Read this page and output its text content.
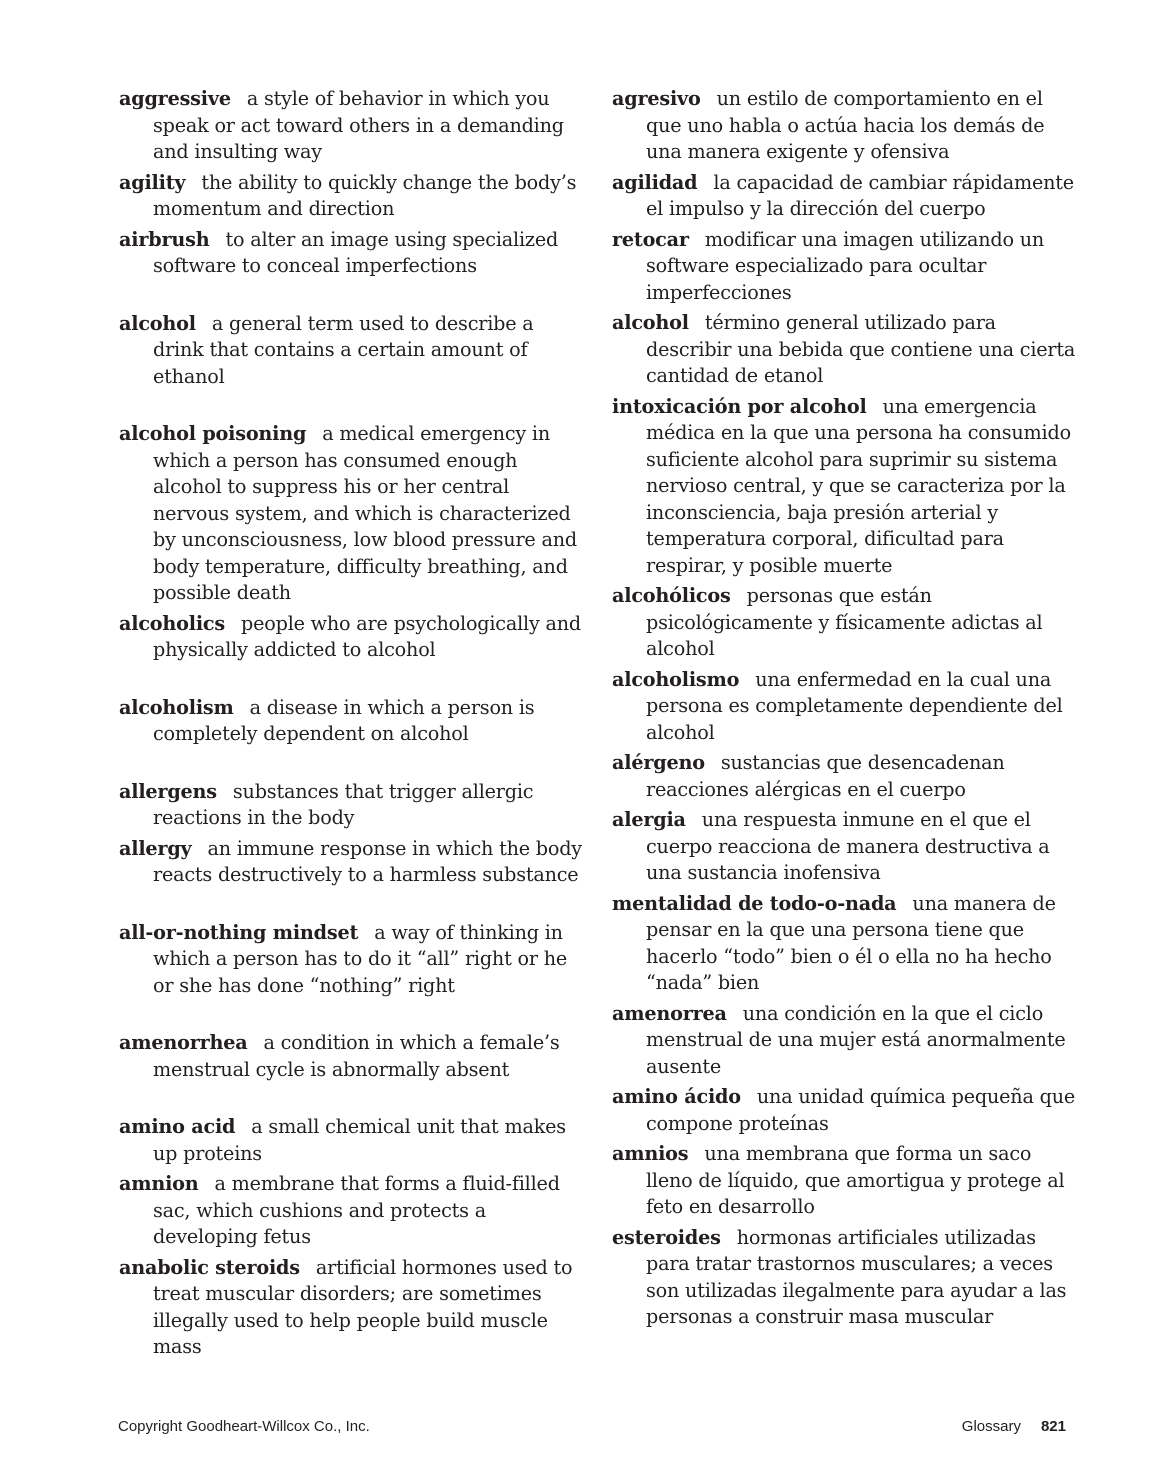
aggressive a style of behavior in which you speak or act toward others in a demanding and insulting way

agility the ability to quickly change the body’s momentum and direction

airbrush to alter an image using specialized software to conceal imperfections

alcohol a general term used to describe a drink that contains a certain amount of ethanol

alcohol poisoning a medical emergency in which a person has consumed enough alcohol to suppress his or her central nervous system, and which is characterized by unconsciousness, low blood pressure and body temperature, difficulty breathing, and possible death

alcoholics people who are psychologically and physically addicted to alcohol

alcoholism a disease in which a person is completely dependent on alcohol

allergens substances that trigger allergic reactions in the body

allergy an immune response in which the body reacts destructively to a harmless substance

all-or-nothing mindset a way of thinking in which a person has to do it “all” right or he or she has done “nothing” right

amenorrhea a condition in which a female’s menstrual cycle is abnormally absent

amino acid a small chemical unit that makes up proteins

amnion a membrane that forms a fluid-filled sac, which cushions and protects a developing fetus

anabolic steroids artificial hormones used to treat muscular disorders; are sometimes illegally used to help people build muscle mass

agresivo un estilo de comportamiento en el que uno habla o actúa hacia los demás de una manera exigente y ofensiva

agilidad la capacidad de cambiar rápidamente el impulso y la dirección del cuerpo

retocar modificar una imagen utilizando un software especializado para ocultar imperfecciones

alcohol término general utilizado para describir una bebida que contiene una cierta cantidad de etanol

intoxicación por alcohol una emergencia médica en la que una persona ha consumido suficiente alcohol para suprimir su sistema nervioso central, y que se caracteriza por la inconsciencia, baja presión arterial y temperatura corporal, dificultad para respirar, y posible muerte

alcohólicos personas que están psicológicamente y físicamente adictas al alcohol

alcoholismo una enfermedad en la cual una persona es completamente dependiente del alcohol

alérgeno sustancias que desencadenan reacciones alérgicas en el cuerpo

alergia una respuesta inmune en el que el cuerpo reacciona de manera destructiva a una sustancia inofensiva

mentalidad de todo-o-nada una manera de pensar en la que una persona tiene que hacerlo “todo” bien o él o ella no ha hecho “nada” bien

amenorrea una condición en la que el ciclo menstrual de una mujer está anormalmente ausente

amino ácido una unidad química pequeña que compone proteínas

amnios una membrana que forma un saco lleno de líquido, que amortigua y protege al feto en desarrollo

esteroides hormonas artificiales utilizadas para tratar trastornos musculares; a veces son utilizadas ilegalmente para ayudar a las personas a construir masa muscular

Copyright Goodheart-Willcox Co., Inc.	Glossary 821
